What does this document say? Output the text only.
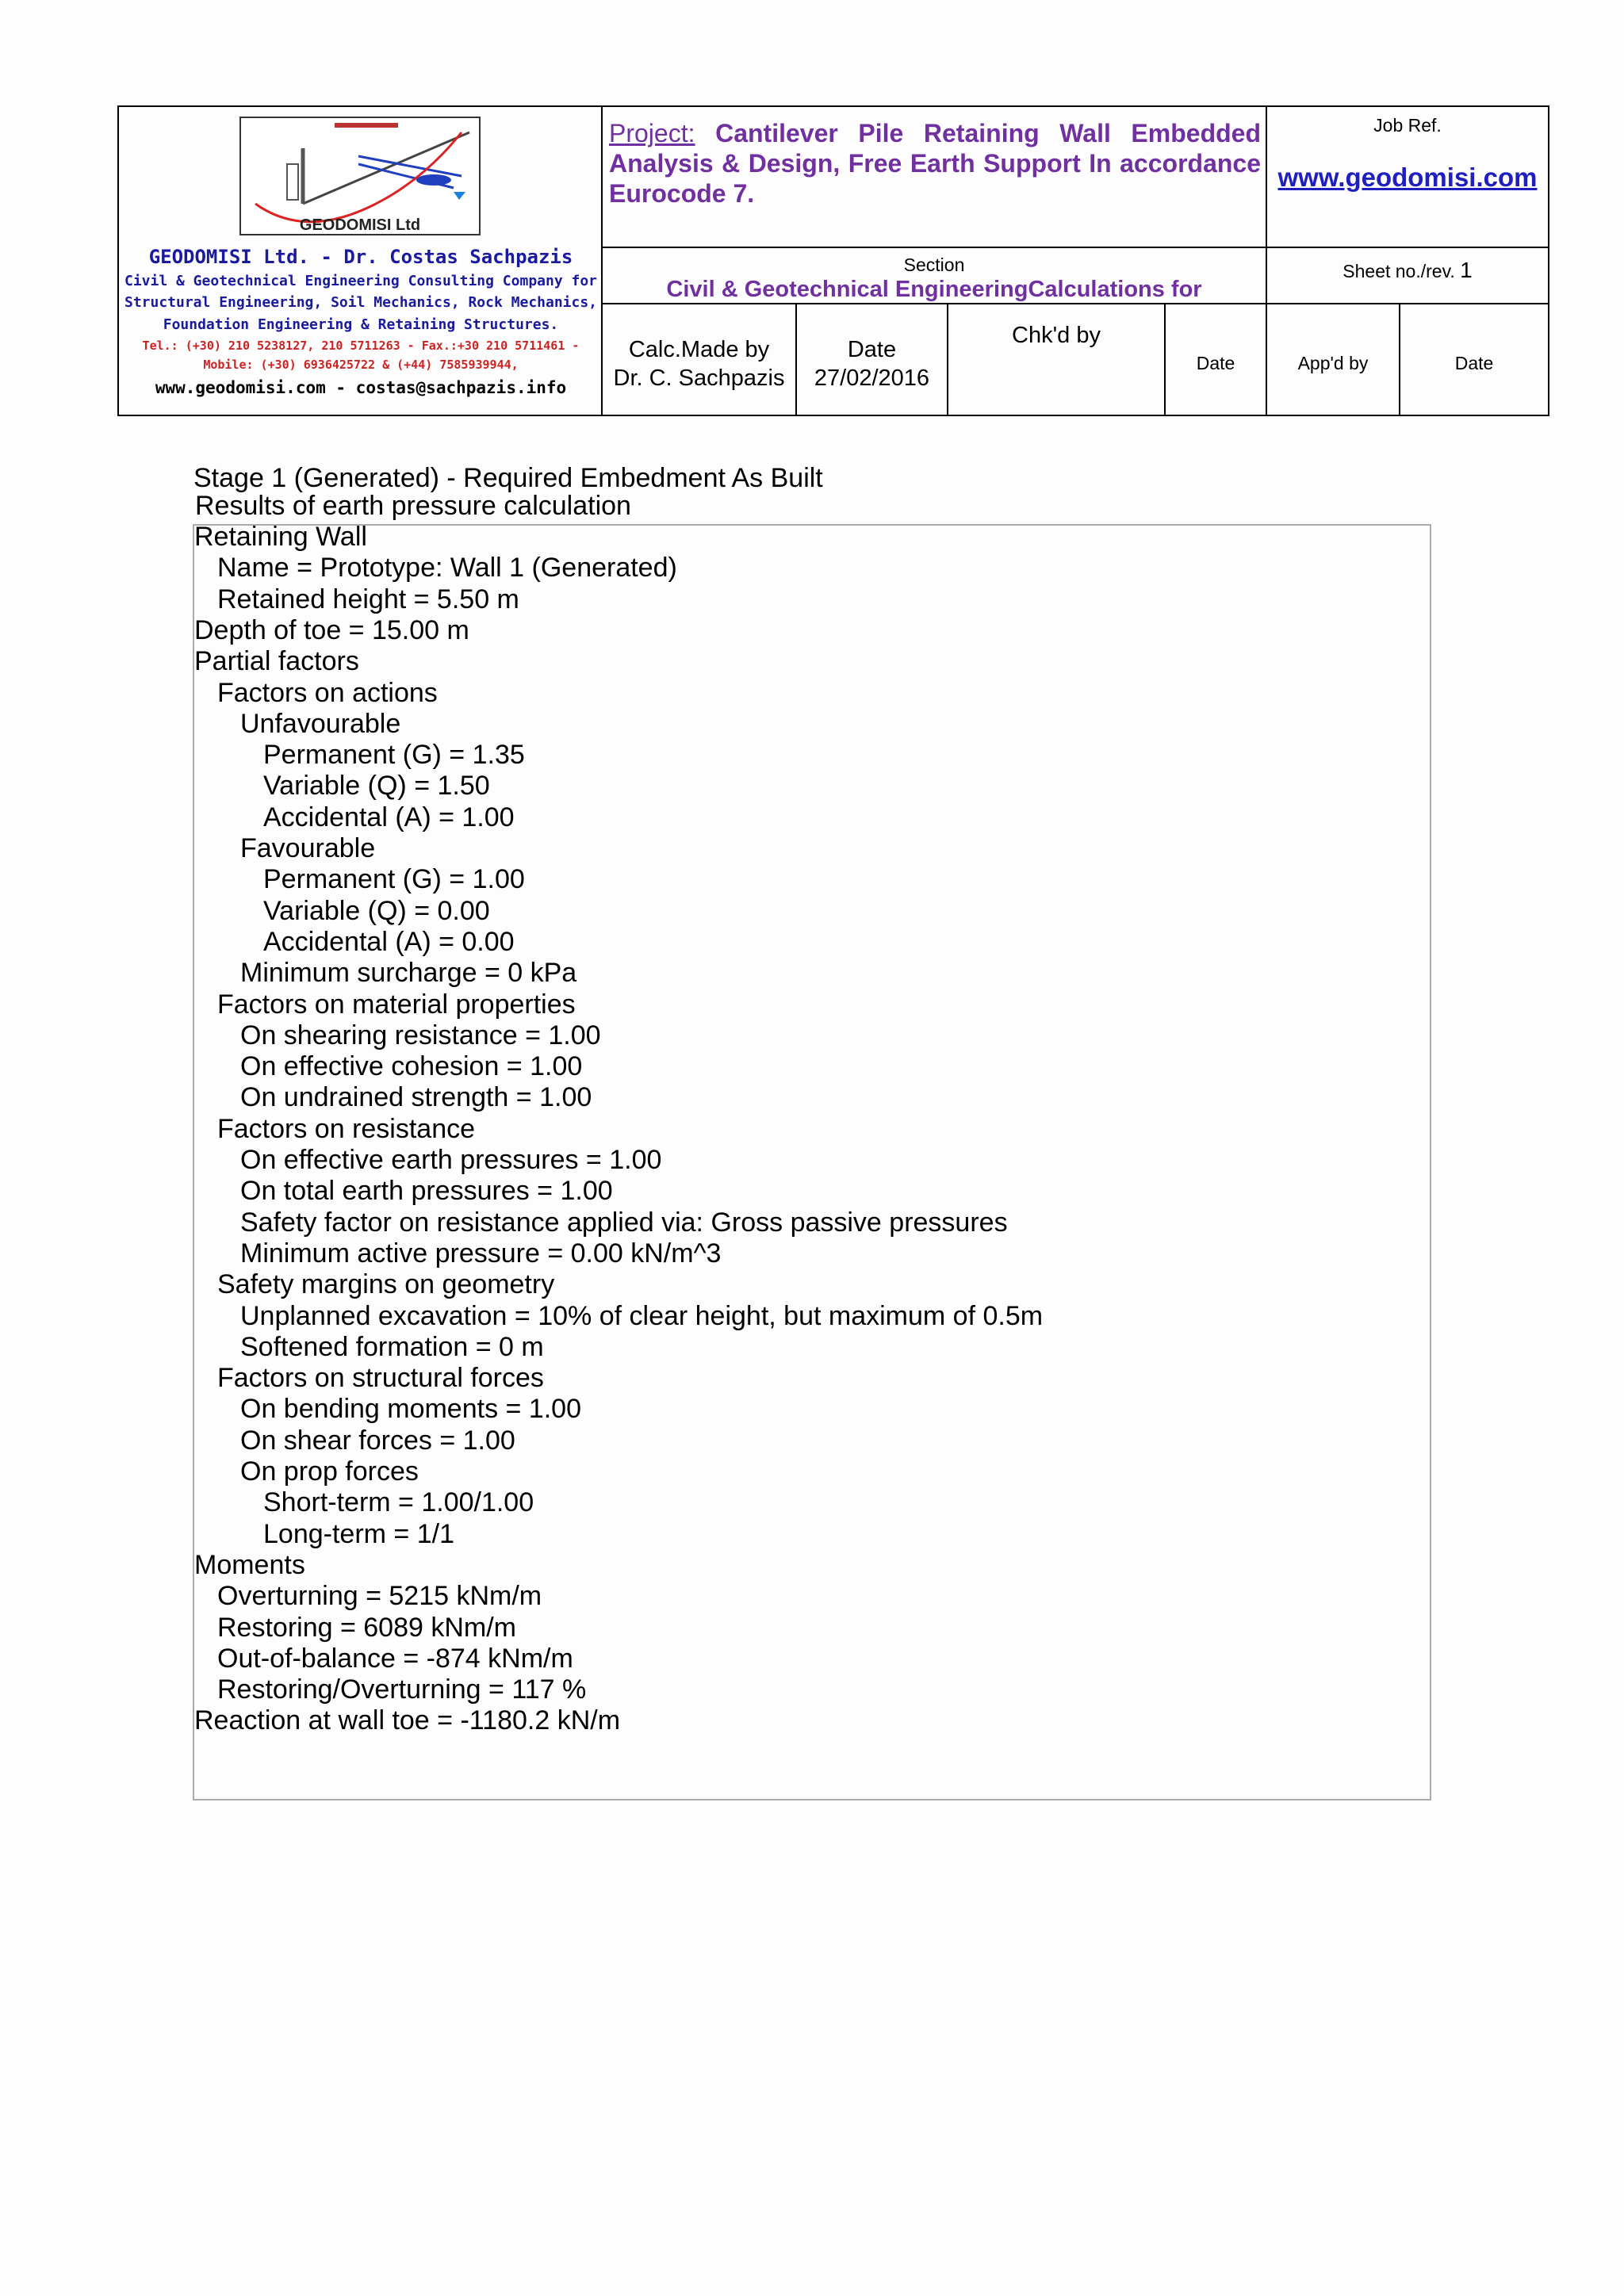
GEODOMISI Ltd
GEODOMISI Ltd. - Dr. Costas Sachpazis
Civil & Geotechnical Engineering Consulting Company for
Structural Engineering, Soil Mechanics, Rock Mechanics,
Foundation Engineering & Retaining Structures.
Tel.: (+30) 210 5238127, 210 5711263 - Fax.:+30 210 5711461 -
Mobile: (+30) 6936425722 & (+44) 7585939944,
www.geodomisi.com - costas@sachpazis.info
Project: Cantilever Pile Retaining Wall Embedded Analysis & Design, Free Earth Support In accordance Eurocode 7.
Job Ref.
www.geodomisi.com
Section
Civil & Geotechnical EngineeringCalculations for
Sheet no./rev. 1
Calc.Made by
Dr. C. Sachpazis
Date
27/02/2016
Chk'd by
Date	App'd by	Date
Stage 1 (Generated) - Required Embedment As Built
Results of earth pressure calculation
Retaining Wall
Name = Prototype: Wall 1 (Generated)
Retained height = 5.50 m
Depth of toe = 15.00 m
Partial factors
Factors on actions
Unfavourable
Permanent (G) = 1.35
Variable (Q) = 1.50
Accidental (A) = 1.00
Favourable
Permanent (G) = 1.00
Variable (Q) = 0.00
Accidental (A) = 0.00
Minimum surcharge = 0 kPa
Factors on material properties
On shearing resistance = 1.00
On effective cohesion = 1.00
On undrained strength = 1.00
Factors on resistance
On effective earth pressures = 1.00
On total earth pressures = 1.00
Safety factor on resistance applied via: Gross passive pressures
Minimum active pressure = 0.00 kN/m^3
Safety margins on geometry
Unplanned excavation = 10% of clear height, but maximum of 0.5m
Softened formation = 0 m
Factors on structural forces
On bending moments = 1.00
On shear forces = 1.00
On prop forces
Short-term = 1.00/1.00
Long-term = 1/1
Moments
Overturning = 5215 kNm/m
Restoring = 6089 kNm/m
Out-of-balance = -874 kNm/m
Restoring/Overturning = 117 %
Reaction at wall toe = -1180.2 kN/m
